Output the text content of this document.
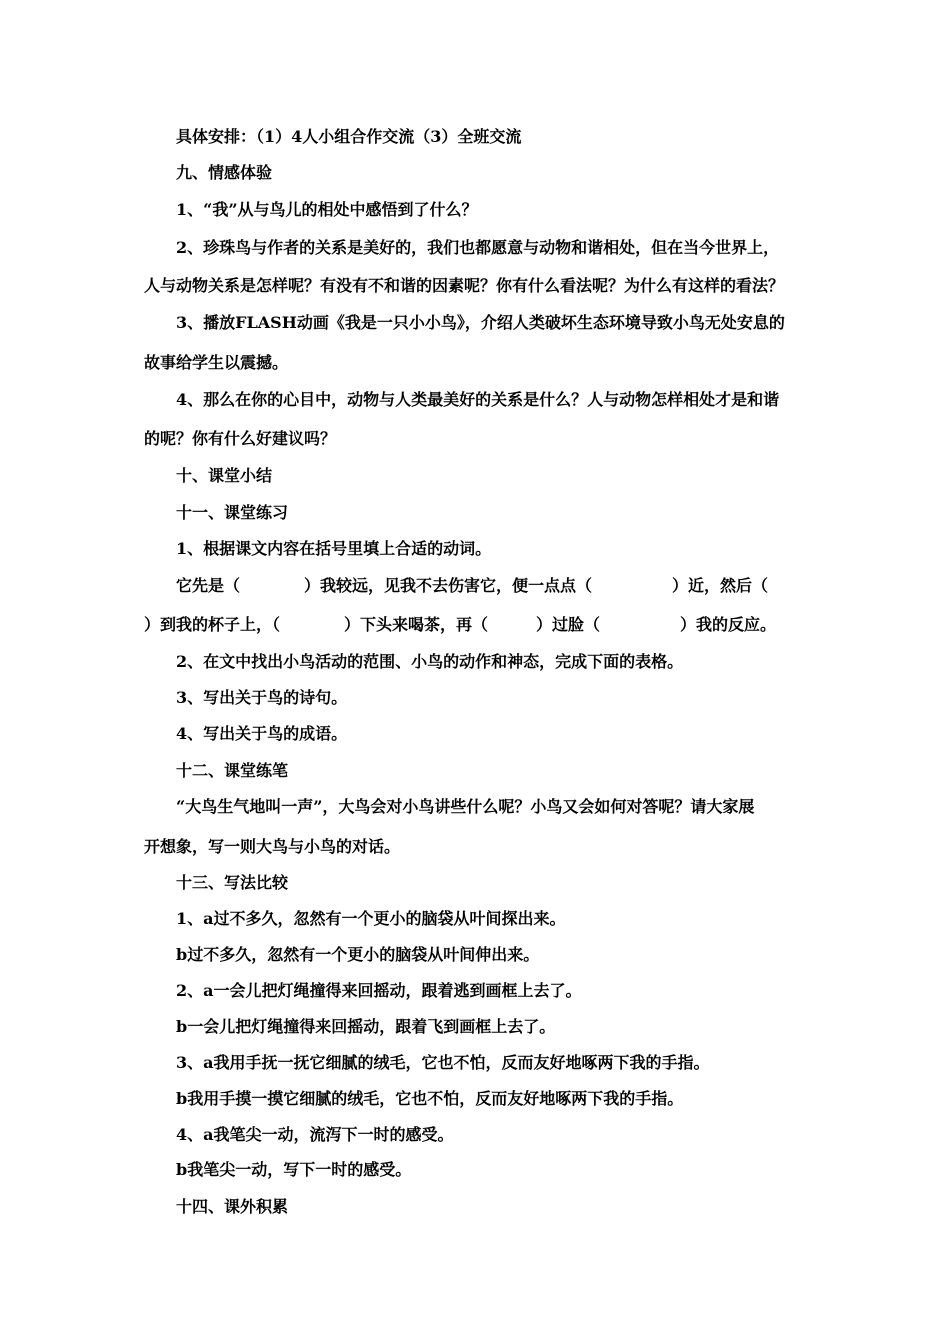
具体安排：（1）4人小组合作交流（3）全班交流
九、情感体验
1、“我”从与鸟儿的相处中感悟到了什么？
2、珍珠鸟与作者的关系是美好的，我们也都愿意与动物和谐相处，但在当今世界上，
人与动物关系是怎样呢？有没有不和谐的因素呢？你有什么看法呢？为什么有这样的看法？
3、播放FLASH动画《我是一只小小鸟》，介绍人类破坏生态环境导致小鸟无处安息的
故事给学生以震撼。
4、那么在你的心目中，动物与人类最美好的关系是什么？人与动物怎样相处才是和谐
的呢？你有什么好建议吗？
十、课堂小结
十一、课堂练习
1、根据课文内容在括号里填上合适的动词。
它先是（　　　　）我较远，见我不去伤害它，便一点点（　　　　　）近，然后（
）到我的杯子上，（　　　　）下头来喝茶，再（　　　）过脸（　　　　　）我的反应。
2、在文中找出小鸟活动的范围、小鸟的动作和神态，完成下面的表格。
3、写出关于鸟的诗句。
4、写出关于鸟的成语。
十二、课堂练笔
“大鸟生气地叫一声”，大鸟会对小鸟讲些什么呢？小鸟又会如何对答呢？请大家展
开想象，写一则大鸟与小鸟的对话。
十三、写法比较
1、a过不多久，忽然有一个更小的脑袋从叶间探出来。
b过不多久，忽然有一个更小的脑袋从叶间伸出来。
2、a一会儿把灯绳撞得来回摇动，跟着逃到画框上去了。
b一会儿把灯绳撞得来回摇动，跟着飞到画框上去了。
3、a我用手抚一抚它细腻的绒毛，它也不怕，反而友好地啄两下我的手指。
b我用手摸一摸它细腻的绒毛，它也不怕，反而友好地啄两下我的手指。
4、a我笔尖一动，流泻下一时的感受。
b我笔尖一动，写下一时的感受。
十四、课外积累
